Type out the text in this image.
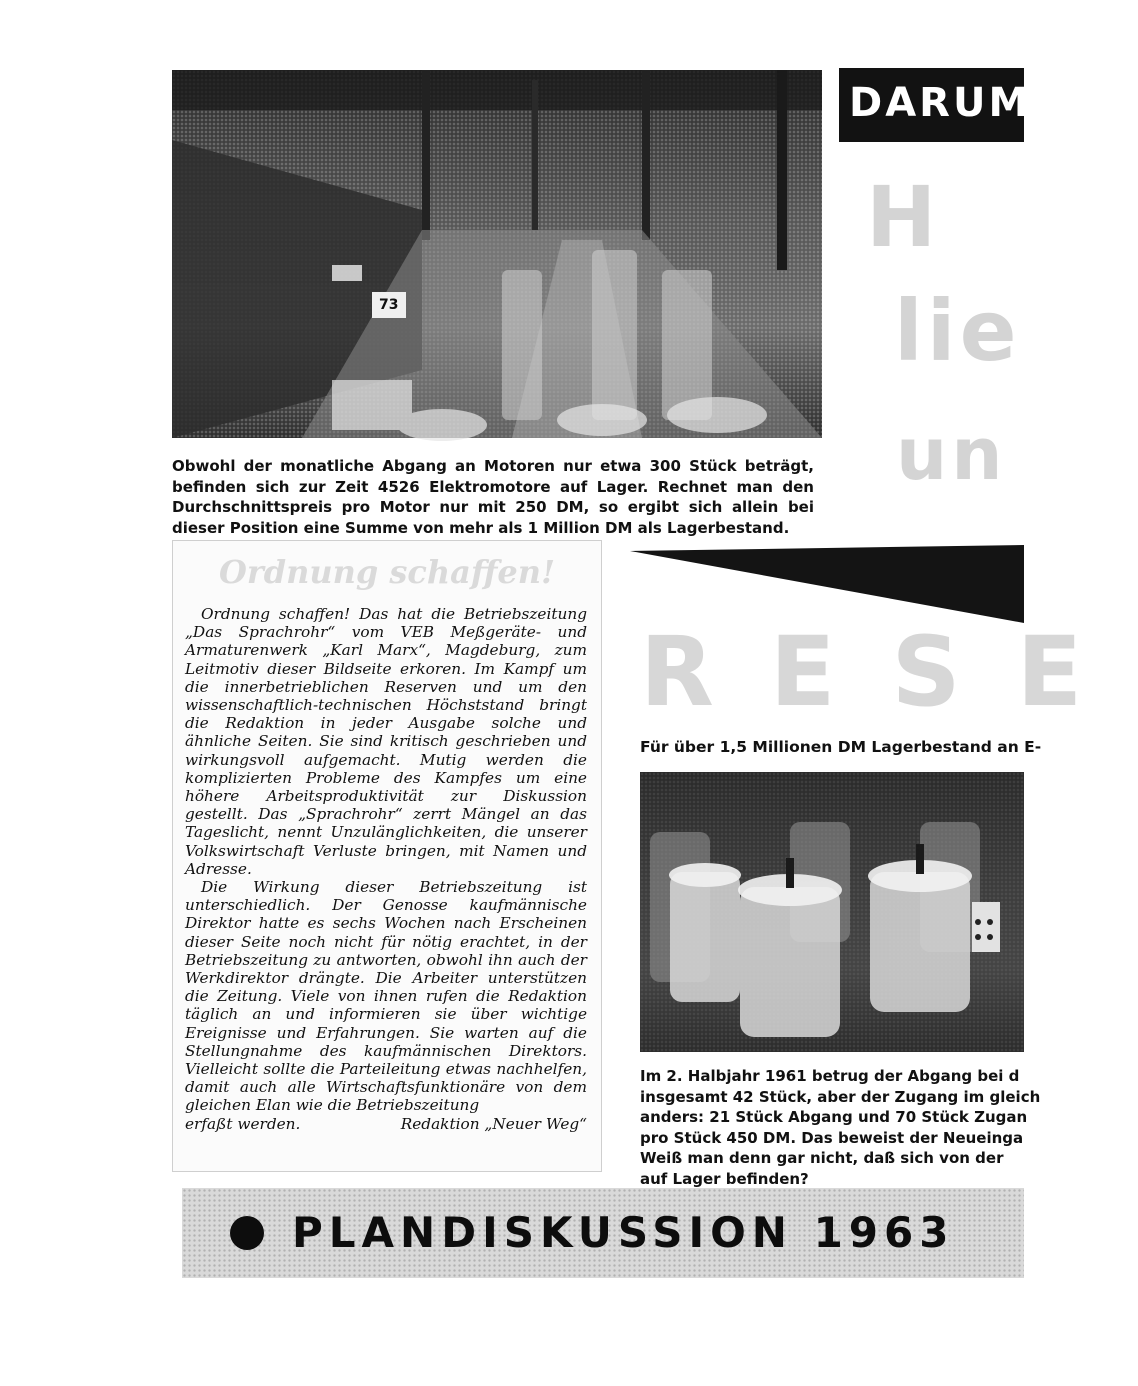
73

Obwohl der monatliche Abgang an Motoren nur etwa 300 Stück beträgt, befinden sich zur Zeit 4526 Elektromotore auf Lager. Rechnet man den Durchschnittspreis pro Motor nur mit 250 DM, so ergibt sich allein bei dieser Position eine Summe von mehr als 1 Million DM als Lagerbestand.

DARUM
H
lie
un
RESE

Ordnung schaffen!

Ordnung schaffen! Das hat die Betriebszeitung „Das Sprachrohr“ vom VEB Meßgeräte- und Armaturenwerk „Karl Marx“, Magdeburg, zum Leitmotiv dieser Bildseite erkoren. Im Kampf um die innerbetrieblichen Reserven und um den wissenschaftlich-technischen Höchststand bringt die Redaktion in jeder Ausgabe solche und ähnliche Seiten. Sie sind kritisch geschrieben und wirkungsvoll aufgemacht. Mutig werden die komplizierten Probleme des Kampfes um eine höhere Arbeitsproduktivität zur Diskussion gestellt. Das „Sprachrohr“ zerrt Mängel an das Tageslicht, nennt Unzulänglichkeiten, die unserer Volkswirtschaft Verluste bringen, mit Namen und Adresse.

Die Wirkung dieser Betriebszeitung ist unterschiedlich. Der Genosse kaufmännische Direktor hatte es sechs Wochen nach Erscheinen dieser Seite noch nicht für nötig erachtet, in der Betriebszeitung zu antworten, obwohl ihn auch der Werkdirektor drängte. Die Arbeiter unterstützen die Zeitung. Viele von ihnen rufen die Redaktion täglich an und informieren sie über wichtige Ereignisse und Erfahrungen. Sie warten auf die Stellungnahme des kaufmännischen Direktors. Vielleicht sollte die Parteileitung etwas nachhelfen, damit auch alle Wirtschaftsfunktionäre von dem gleichen Elan wie die Betriebszeitung

erfaßt werden.	Redaktion „Neuer Weg“

Für über 1,5 Millionen DM Lagerbestand an E-
Im 2. Halbjahr 1961 betrug der Abgang bei d
insgesamt 42 Stück, aber der Zugang im gleich
anders: 21 Stück Abgang und 70 Stück Zugan
pro Stück 450 DM. Das beweist der Neueinga
Weiß man denn gar nicht, daß sich von der
auf Lager befinden?
PLANDISKUSSION 1963
